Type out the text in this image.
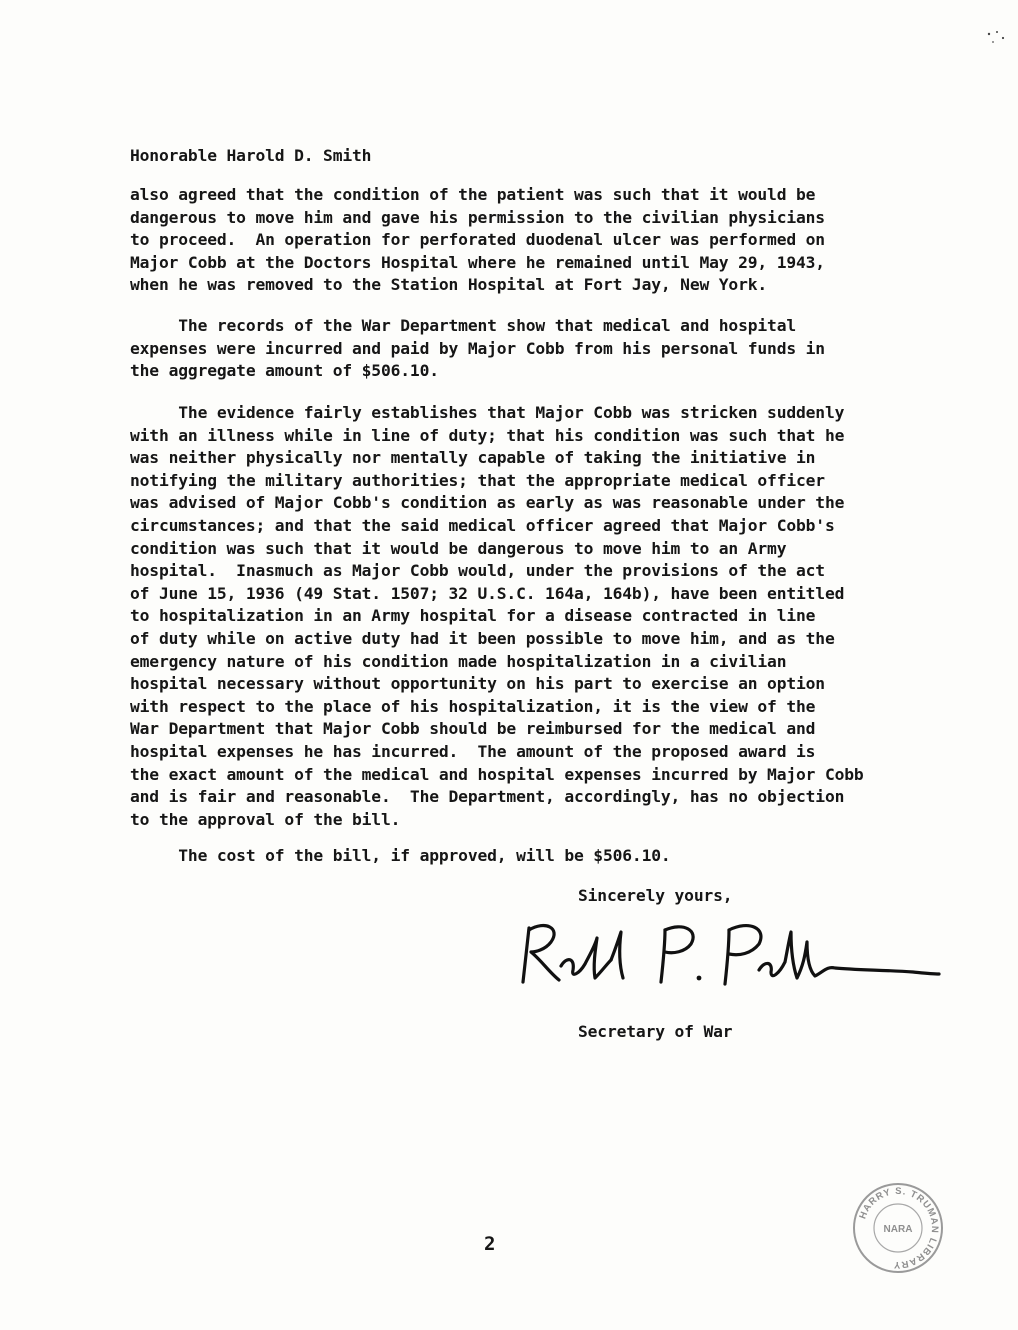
Honorable Harold D. Smith

also agreed that the condition of the patient was such that it would be
dangerous to move him and gave his permission to the civilian physicians
to proceed.  An operation for perforated duodenal ulcer was performed on
Major Cobb at the Doctors Hospital where he remained until May 29, 1943,
when he was removed to the Station Hospital at Fort Jay, New York.

The records of the War Department show that medical and hospital
expenses were incurred and paid by Major Cobb from his personal funds in
the aggregate amount of $506.10.

The evidence fairly establishes that Major Cobb was stricken suddenly
with an illness while in line of duty; that his condition was such that he
was neither physically nor mentally capable of taking the initiative in
notifying the military authorities; that the appropriate medical officer
was advised of Major Cobb's condition as early as was reasonable under the
circumstances; and that the said medical officer agreed that Major Cobb's
condition was such that it would be dangerous to move him to an Army
hospital.  Inasmuch as Major Cobb would, under the provisions of the act
of June 15, 1936 (49 Stat. 1507; 32 U.S.C. 164a, 164b), have been entitled
to hospitalization in an Army hospital for a disease contracted in line
of duty while on active duty had it been possible to move him, and as the
emergency nature of his condition made hospitalization in a civilian
hospital necessary without opportunity on his part to exercise an option
with respect to the place of his hospitalization, it is the view of the
War Department that Major Cobb should be reimbursed for the medical and
hospital expenses he has incurred.  The amount of the proposed award is
the exact amount of the medical and hospital expenses incurred by Major Cobb
and is fair and reasonable.  The Department, accordingly, has no objection
to the approval of the bill.

The cost of the bill, if approved, will be $506.10.

Sincerely yours,

Secretary of War

2

HARRY S. TRUMAN LIBRARY
NARA
